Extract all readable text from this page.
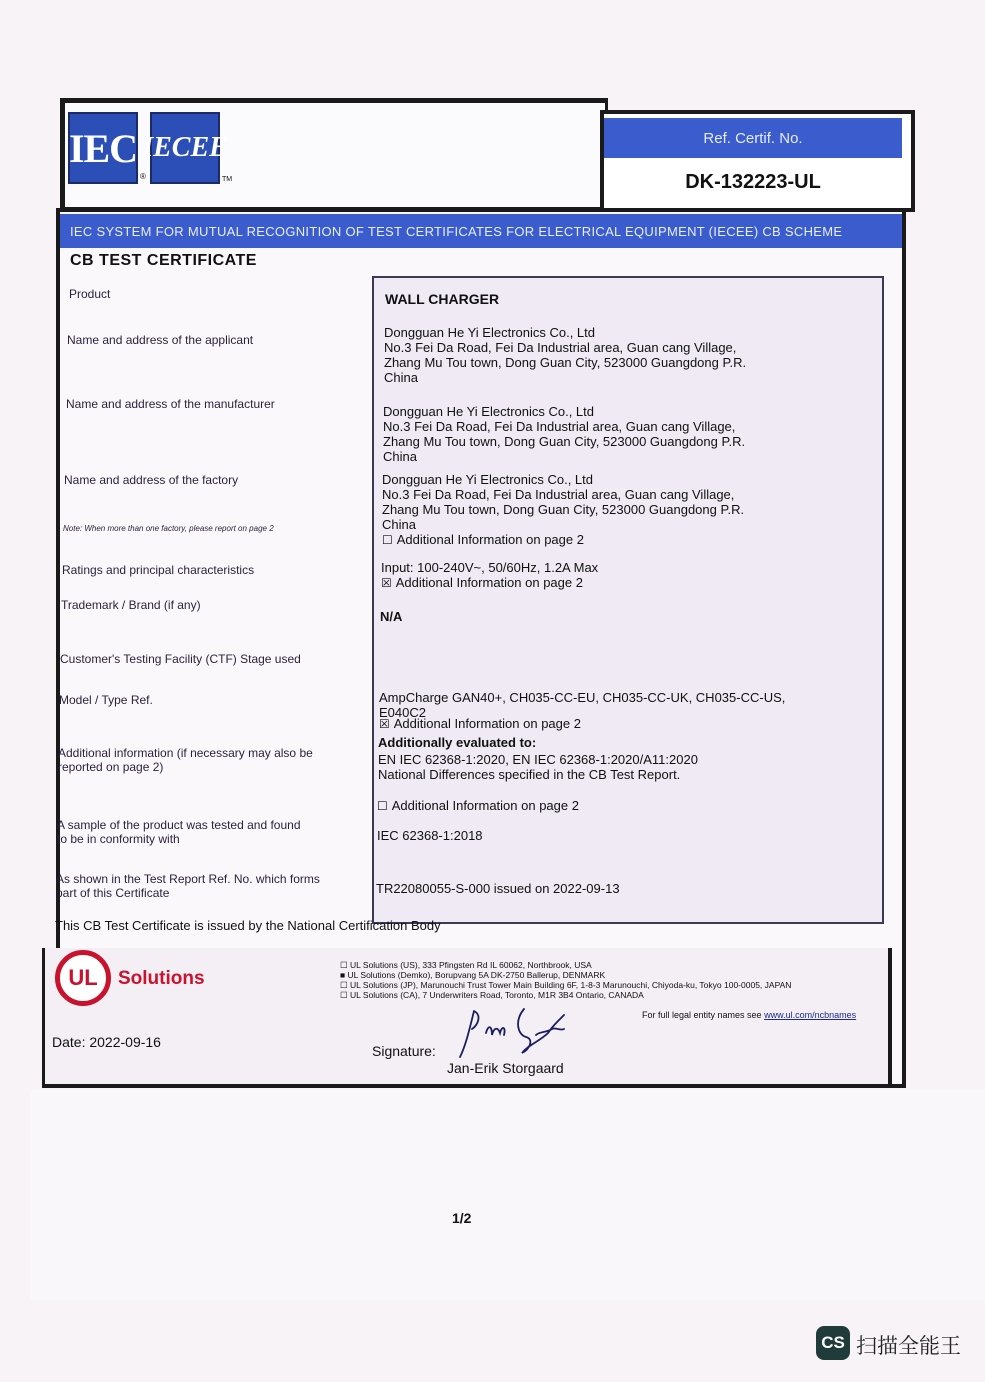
IEC
®
IECEE
TM
Ref. Certif. No.
DK-132223-UL
IEC SYSTEM FOR MUTUAL RECOGNITION OF TEST CERTIFICATES FOR ELECTRICAL EQUIPMENT (IECEE) CB SCHEME
CB TEST CERTIFICATE
Product
Name and address of the applicant
Name and address of the manufacturer
Name and address of the factory
Note: When more than one factory, please report on page 2
Ratings and principal characteristics
Trademark / Brand (if any)
Customer's Testing Facility (CTF) Stage used
Model / Type Ref.
Additional information (if necessary may also be
reported on page 2)
A sample of the product was tested and found
to be in conformity with
As shown in the Test Report Ref. No. which forms
part of this Certificate
WALL CHARGER
Dongguan He Yi Electronics Co., Ltd
No.3 Fei Da Road, Fei Da Industrial area, Guan cang Village,
Zhang Mu Tou town, Dong Guan City, 523000 Guangdong P.R.
China
Dongguan He Yi Electronics Co., Ltd
No.3 Fei Da Road, Fei Da Industrial area, Guan cang Village,
Zhang Mu Tou town, Dong Guan City, 523000 Guangdong P.R.
China
Dongguan He Yi Electronics Co., Ltd
No.3 Fei Da Road, Fei Da Industrial area, Guan cang Village,
Zhang Mu Tou town, Dong Guan City, 523000 Guangdong P.R.
China
☐ Additional Information on page 2
Input: 100-240V~, 50/60Hz, 1.2A Max
☒ Additional Information on page 2
N/A
AmpCharge GAN40+, CH035-CC-EU, CH035-CC-UK, CH035-CC-US,
E040C2
☒ Additional Information on page 2
Additionally evaluated to:
EN IEC 62368-1:2020, EN IEC 62368-1:2020/A11:2020
National Differences specified in the CB Test Report.
☐ Additional Information on page 2
IEC 62368-1:2018
TR22080055-S-000 issued on 2022-09-13
This CB Test Certificate is issued by the National Certification Body
UL	Solutions
☐ UL Solutions (US), 333 Pfingsten Rd IL 60062, Northbrook, USA
■ UL Solutions (Demko), Borupvang 5A DK-2750 Ballerup, DENMARK
☐ UL Solutions (JP), Marunouchi Trust Tower Main Building 6F, 1-8-3 Marunouchi, Chiyoda-ku, Tokyo 100-0005, JAPAN
☐ UL Solutions (CA), 7 Underwriters Road, Toronto, M1R 3B4 Ontario, CANADA
For full legal entity names see www.ul.com/ncbnames
Date: 2022-09-16
Signature:
Jan-Erik Storgaard
1/2
CS 扫描全能王
